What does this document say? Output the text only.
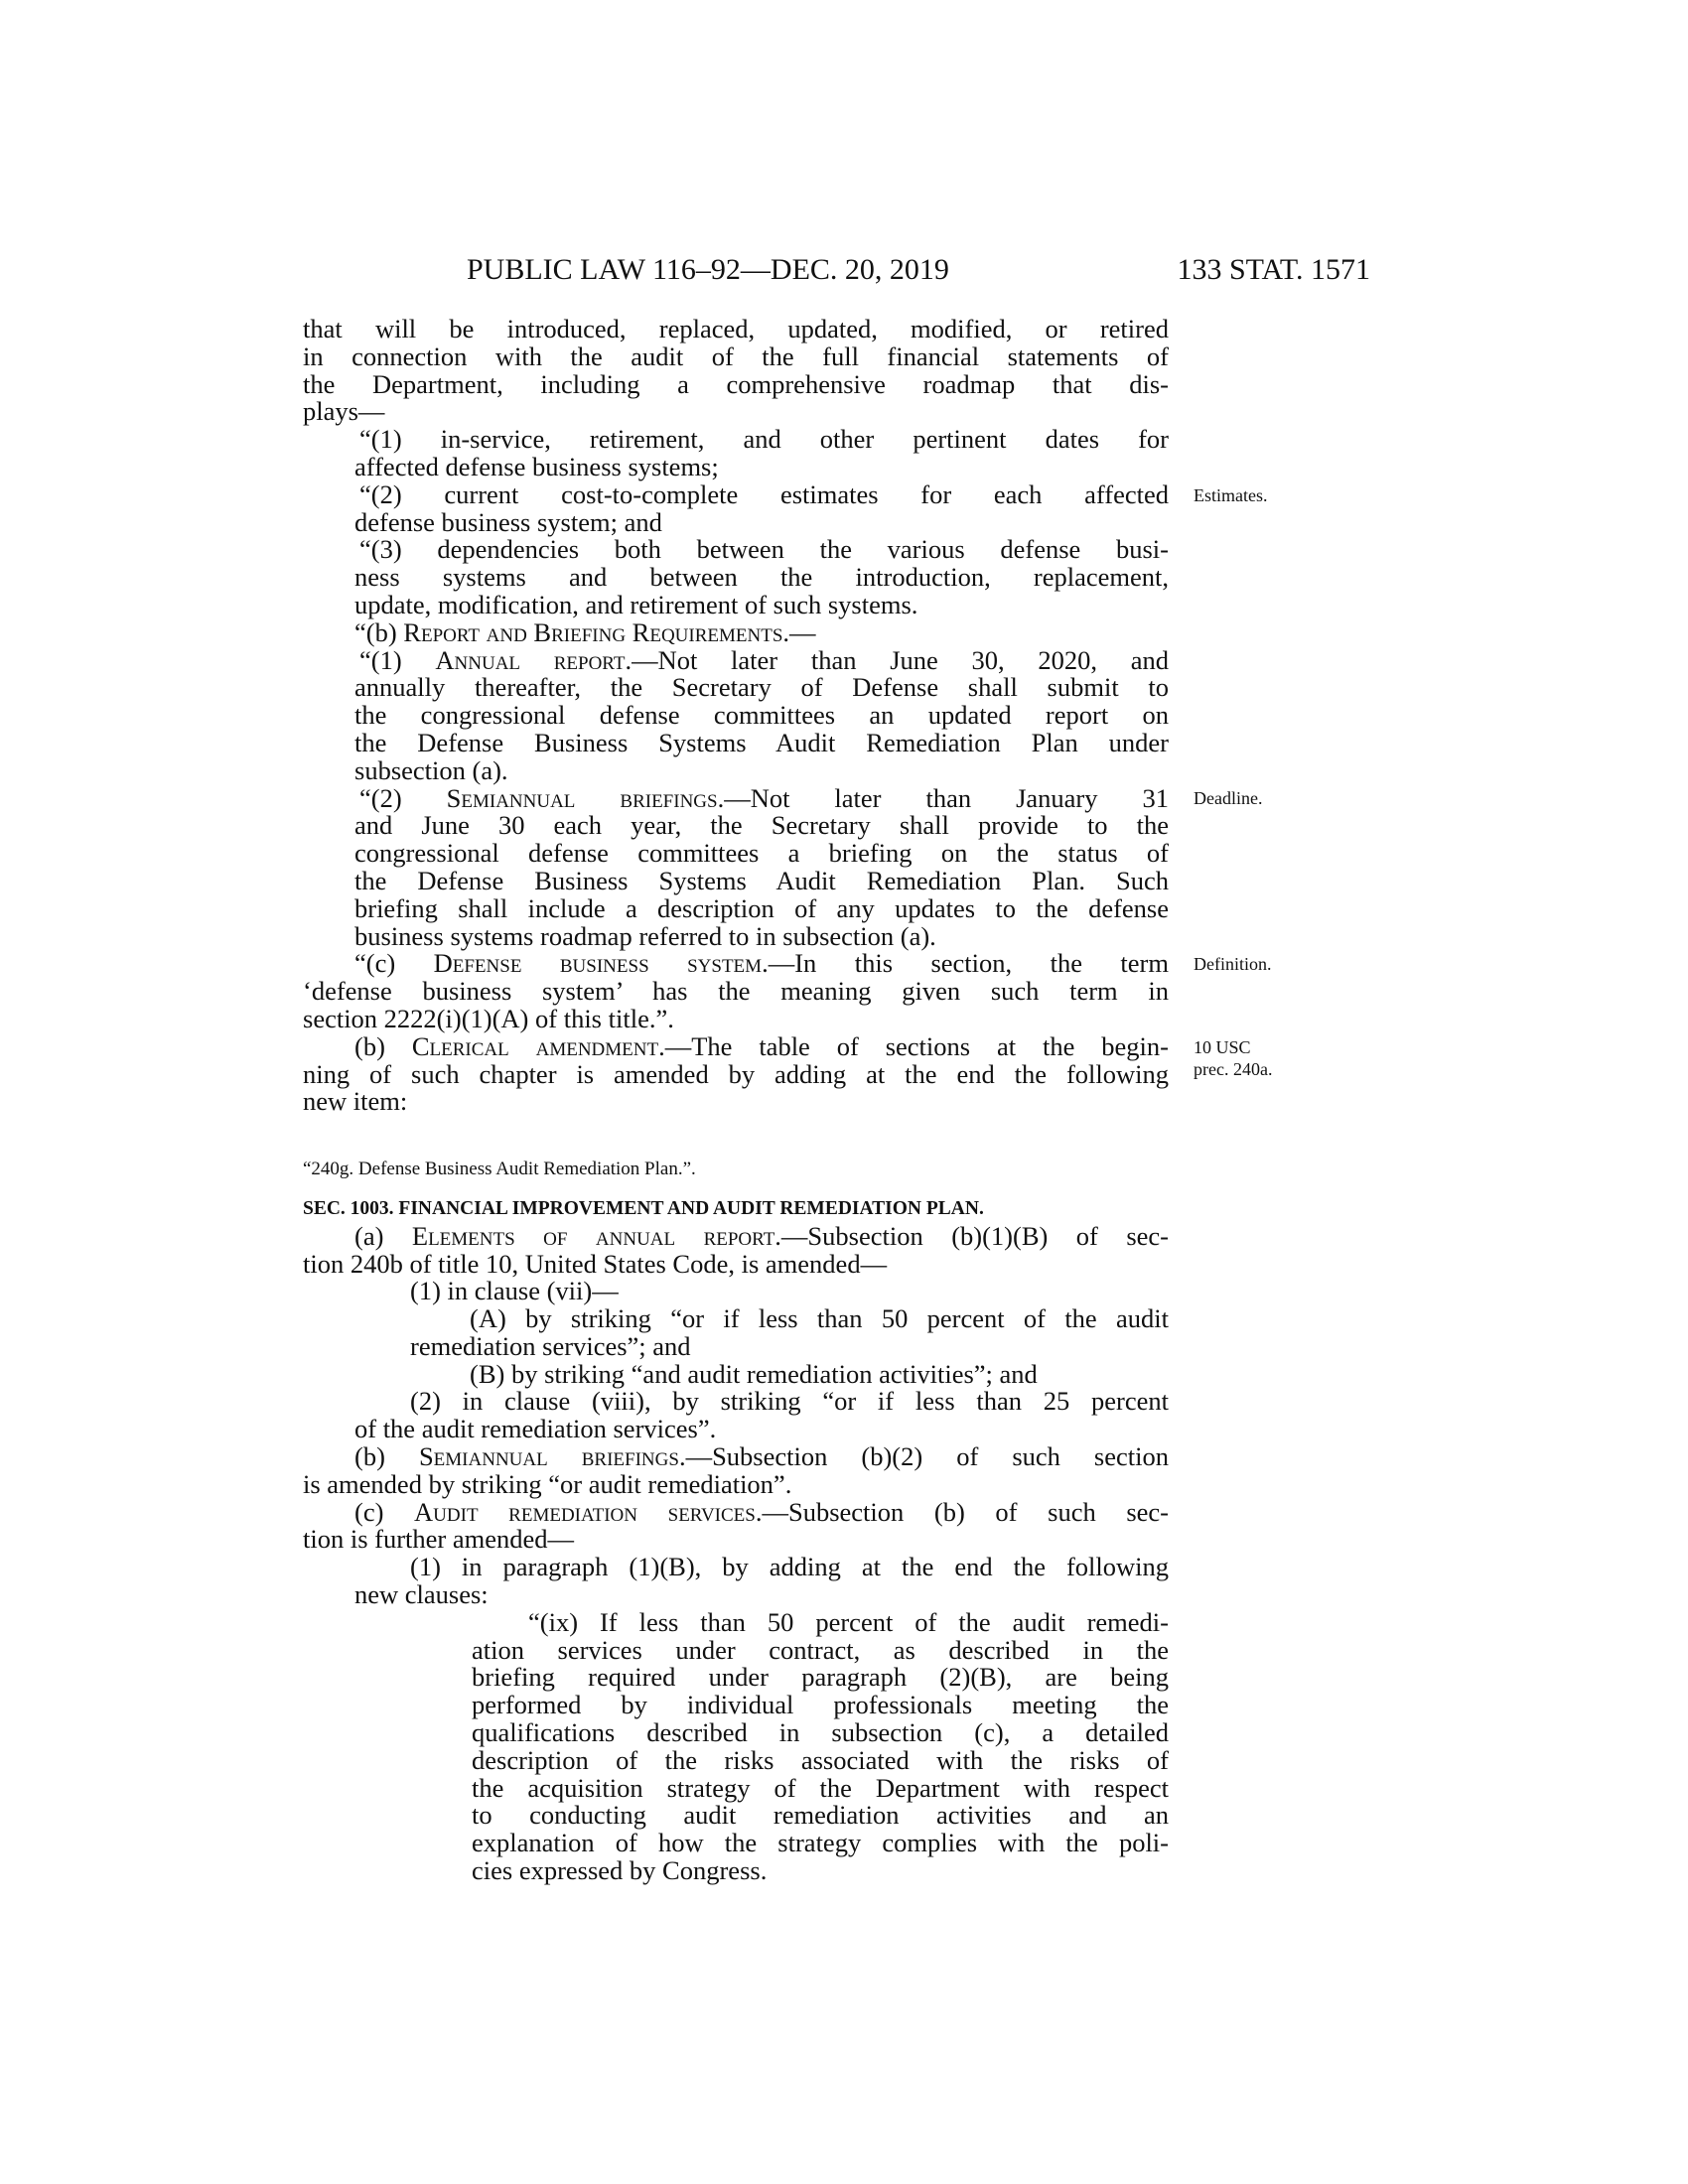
PUBLIC LAW 116–92—DEC. 20, 2019	133 STAT. 1571
Estimates.
Deadline.
Definition.
10 USC
prec. 240a.
that will be introduced, replaced, updated, modified, or retired
in connection with the audit of the full financial statements of
the Department, including a comprehensive roadmap that dis-
plays—
“(1) in-service, retirement, and other pertinent dates for
affected defense business systems;
“(2) current cost-to-complete estimates for each affected
defense business system; and
“(3) dependencies both between the various defense busi-
ness systems and between the introduction, replacement,
update, modification, and retirement of such systems.
“(b) Report and Briefing Requirements.—
“(1) Annual report.—Not later than June 30, 2020, and
annually thereafter, the Secretary of Defense shall submit to
the congressional defense committees an updated report on
the Defense Business Systems Audit Remediation Plan under
subsection (a).
“(2) Semiannual briefings.—Not later than January 31
and June 30 each year, the Secretary shall provide to the
congressional defense committees a briefing on the status of
the Defense Business Systems Audit Remediation Plan. Such
briefing shall include a description of any updates to the defense
business systems roadmap referred to in subsection (a).
“(c) Defense business system.—In this section, the term
‘defense business system’ has the meaning given such term in
section 2222(i)(1)(A) of this title.”.
(b) Clerical amendment.—The table of sections at the begin-
ning of such chapter is amended by adding at the end the following
new item:
“240g. Defense Business Audit Remediation Plan.”.
SEC. 1003. FINANCIAL IMPROVEMENT AND AUDIT REMEDIATION PLAN.
(a) Elements of annual report.—Subsection (b)(1)(B) of sec-
tion 240b of title 10, United States Code, is amended—
(1) in clause (vii)—
(A) by striking “or if less than 50 percent of the audit
remediation services”; and
(B) by striking “and audit remediation activities”; and
(2) in clause (viii), by striking “or if less than 25 percent
of the audit remediation services”.
(b) Semiannual briefings.—Subsection (b)(2) of such section
is amended by striking “or audit remediation”.
(c) Audit remediation services.—Subsection (b) of such sec-
tion is further amended—
(1) in paragraph (1)(B), by adding at the end the following
new clauses:
“(ix) If less than 50 percent of the audit remedi-
ation services under contract, as described in the
briefing required under paragraph (2)(B), are being
performed by individual professionals meeting the
qualifications described in subsection (c), a detailed
description of the risks associated with the risks of
the acquisition strategy of the Department with respect
to conducting audit remediation activities and an
explanation of how the strategy complies with the poli-
cies expressed by Congress.
